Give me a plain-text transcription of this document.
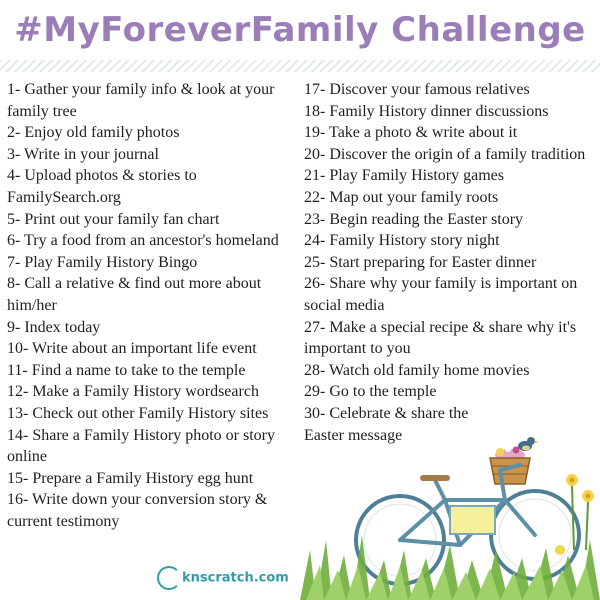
#MyForeverFamily Challenge

1- Gather your family info & look at your family tree

2- Enjoy old family photos

3- Write in your journal

4- Upload photos & stories to FamilySearch.org

5- Print out your family fan chart

6- Try a food from an ancestor's homeland

7- Play Family History Bingo

8- Call a relative & find out more about him/her

9- Index today

10- Write about an important life event

11- Find a name to take to the temple

12- Make a Family History wordsearch

13- Check out other Family History sites

14- Share a Family History photo or story online

15- Prepare a Family History egg hunt

16- Write down your conversion story & current testimony

17- Discover your famous relatives

18- Family History dinner discussions

19- Take a photo & write about it

20- Discover the origin of a family tradition

21- Play Family History games

22- Map out your family roots

23- Begin reading the Easter story

24- Family History story night

25- Start preparing for Easter dinner

26- Share why your family is important on social media

27- Make a special recipe & share why it's important to you

28- Watch old family home movies

29- Go to the temple

30- Celebrate & share the Easter message

knscratch.com
